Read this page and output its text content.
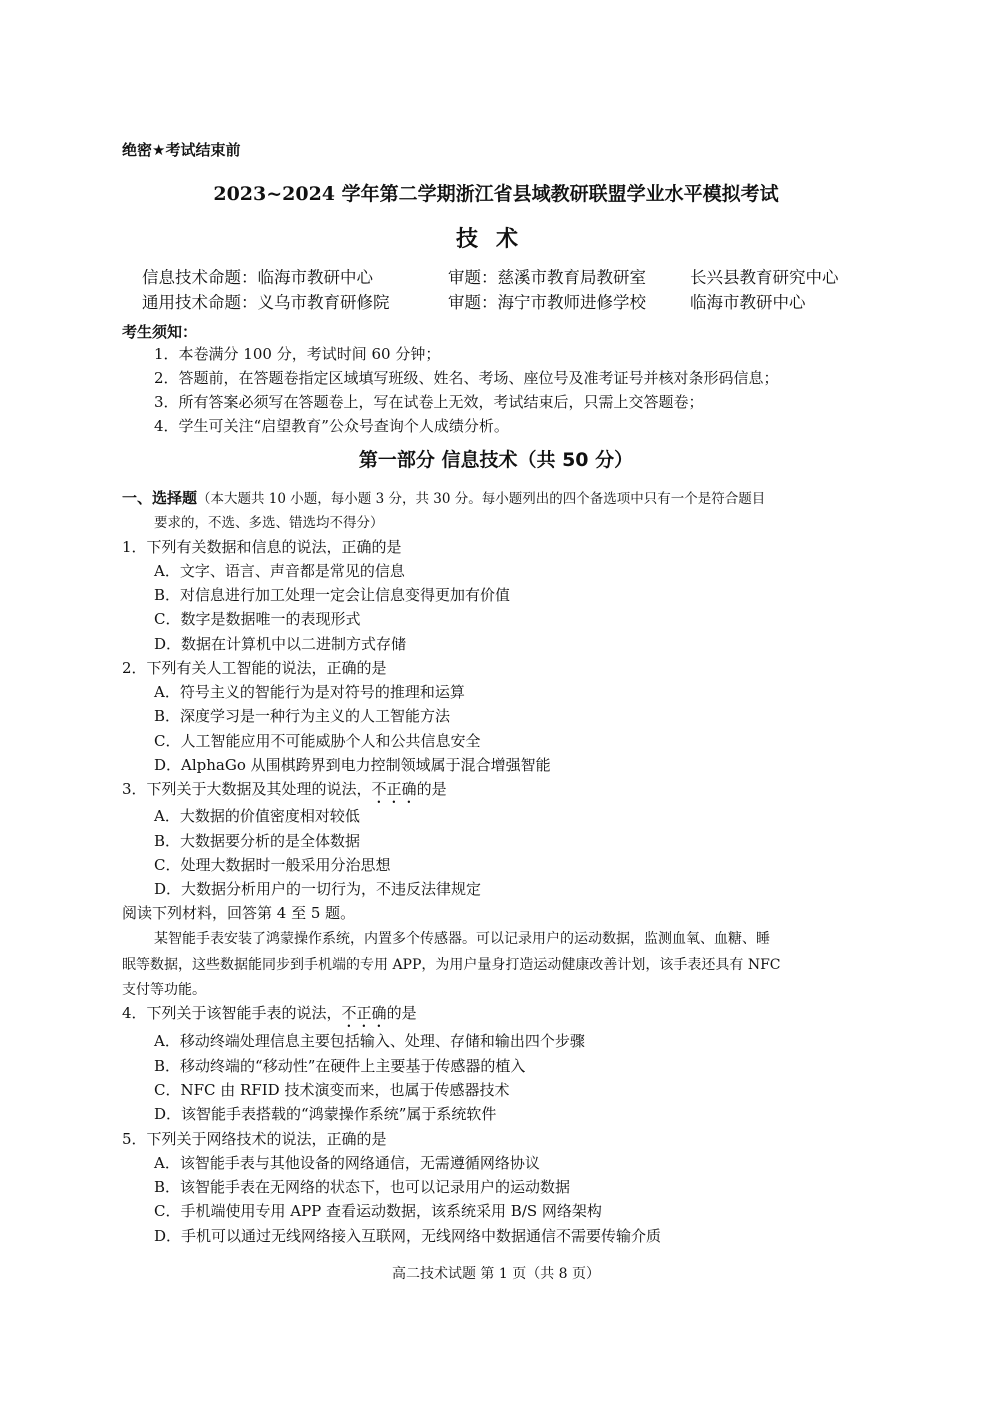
绝密★考试结束前
2023~2024 学年第二学期浙江省县域教研联盟学业水平模拟考试
技术
信息技术命题：临海市教研中心	审题：慈溪市教育局教研室	长兴县教育研究中心
通用技术命题：义乌市教育研修院	审题：海宁市教师进修学校	临海市教研中心
考生须知：
1．本卷满分 100 分，考试时间 60 分钟；
2．答题前，在答题卷指定区域填写班级、姓名、考场、座位号及准考证号并核对条形码信息；
3．所有答案必须写在答题卷上，写在试卷上无效，考试结束后，只需上交答题卷；
4．学生可关注“启望教育”公众号查询个人成绩分析。
第一部分 信息技术（共 50 分）
一、选择题（本大题共 10 小题，每小题 3 分，共 30 分。每小题列出的四个备选项中只有一个是符合题目
要求的，不选、多选、错选均不得分）
1．下列有关数据和信息的说法，正确的是
A．文字、语言、声音都是常见的信息
B．对信息进行加工处理一定会让信息变得更加有价值
C．数字是数据唯一的表现形式
D．数据在计算机中以二进制方式存储
2．下列有关人工智能的说法，正确的是
A．符号主义的智能行为是对符号的推理和运算
B．深度学习是一种行为主义的人工智能方法
C．人工智能应用不可能威胁个人和公共信息安全
D．AlphaGo 从围棋跨界到电力控制领域属于混合增强智能
3．下列关于大数据及其处理的说法，不正确的是
A．大数据的价值密度相对较低
B．大数据要分析的是全体数据
C．处理大数据时一般采用分治思想
D．大数据分析用户的一切行为，不违反法律规定
阅读下列材料，回答第 4 至 5 题。
某智能手表安装了鸿蒙操作系统，内置多个传感器。可以记录用户的运动数据，监测血氧、血糖、睡
眠等数据，这些数据能同步到手机端的专用 APP，为用户量身打造运动健康改善计划，该手表还具有 NFC
支付等功能。
4．下列关于该智能手表的说法，不正确的是
A．移动终端处理信息主要包括输入、处理、存储和输出四个步骤
B．移动终端的“移动性”在硬件上主要基于传感器的植入
C．NFC 由 RFID 技术演变而来，也属于传感器技术
D．该智能手表搭载的“鸿蒙操作系统”属于系统软件
5．下列关于网络技术的说法，正确的是
A．该智能手表与其他设备的网络通信，无需遵循网络协议
B．该智能手表在无网络的状态下，也可以记录用户的运动数据
C．手机端使用专用 APP 查看运动数据，该系统采用 B/S 网络架构
D．手机可以通过无线网络接入互联网，无线网络中数据通信不需要传输介质
高二技术试题 第 1 页（共 8 页）
